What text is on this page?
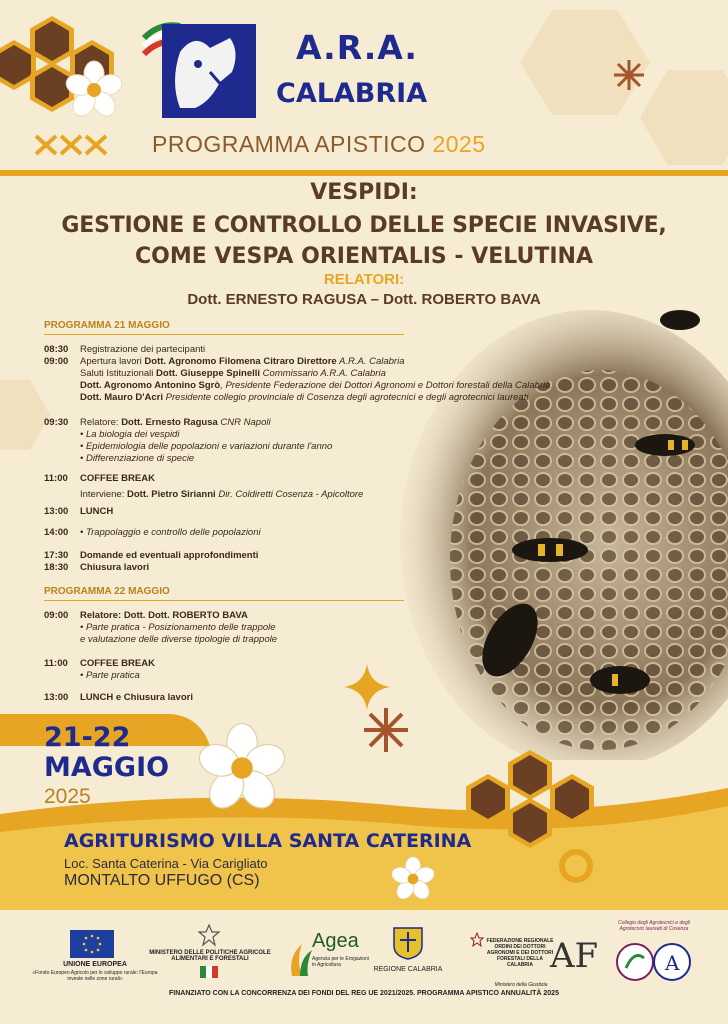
A.R.A.
CALABRIA
PROGRAMMA APISTICO 2025
VESPIDI:
GESTIONE E CONTROLLO DELLE SPECIE INVASIVE,
COME VESPA ORIENTALIS - VELUTINA
RELATORI:
Dott. ERNESTO RAGUSA – Dott. ROBERTO BAVA
PROGRAMMA 21 MAGGIO
08:30	Registrazione dei partecipanti
09:00	Apertura lavori Dott. Agronomo Filomena Citraro Direttore A.R.A. Calabria
Saluti Istituzionali Dott. Giuseppe Spinelli Commissario A.R.A. Calabria
Dott. Agronomo Antonino Sgrò, Presidente Federazione dei Dottori Agronomi e Dottori forestali della Calabria
Dott. Mauro D'Acri Presidente collegio provinciale di Cosenza degli agrotecnici e degli agrotecnici laureati
09:30	Relatore: Dott. Ernesto Ragusa CNR Napoli
• La biologia dei vespidi
• Epidemiologia delle popolazioni e variazioni durante l'anno
• Differenziazione di specie
11:00	COFFEE BREAK
Interviene: Dott. Pietro Sirianni Dir. Coldiretti Cosenza - Apicoltore
13:00	LUNCH
14:00	• Trappolaggio e controllo delle popolazioni
17:30	Domande ed eventuali approfondimenti
18:30	Chiusura lavori
PROGRAMMA 22 MAGGIO
09:00	Relatore: Dott. Dott. ROBERTO BAVA
• Parte pratica - Posizionamento delle trappole
e valutazione delle diverse tipologie di trappole
11:00	COFFEE BREAK
• Parte pratica
13:00	LUNCH e Chiusura lavori
21-22
MAGGIO
2025
AGRITURISMO VILLA SANTA CATERINA
Loc. Santa Caterina - Via Carigliato
MONTALTO UFFUGO (CS)
UNIONE EUROPEA
«Fondo Europeo Agricolo per lo sviluppo rurale: l'Europa investe nelle zone rurali»
MINISTERO DELLE POLITICHE AGRICOLE ALIMENTARI E FORESTALI
Agea
Agenzia per le Erogazioni in Agricoltura
REGIONE CALABRIA
FEDERAZIONE REGIONALE ORDINI DEI DOTTORI AGRONOMI E DEI DOTTORI FORESTALI DELLA CALABRIA AF
Ministero della Giustizia
A
Collegio degli Agrotecnici e degli Agrotecnici laureati di Cosenza
FINANZIATO CON LA CONCORRENZA DEI FONDI DEL REG UE 2021/2025. PROGRAMMA APISTICO ANNUALITÀ 2025
